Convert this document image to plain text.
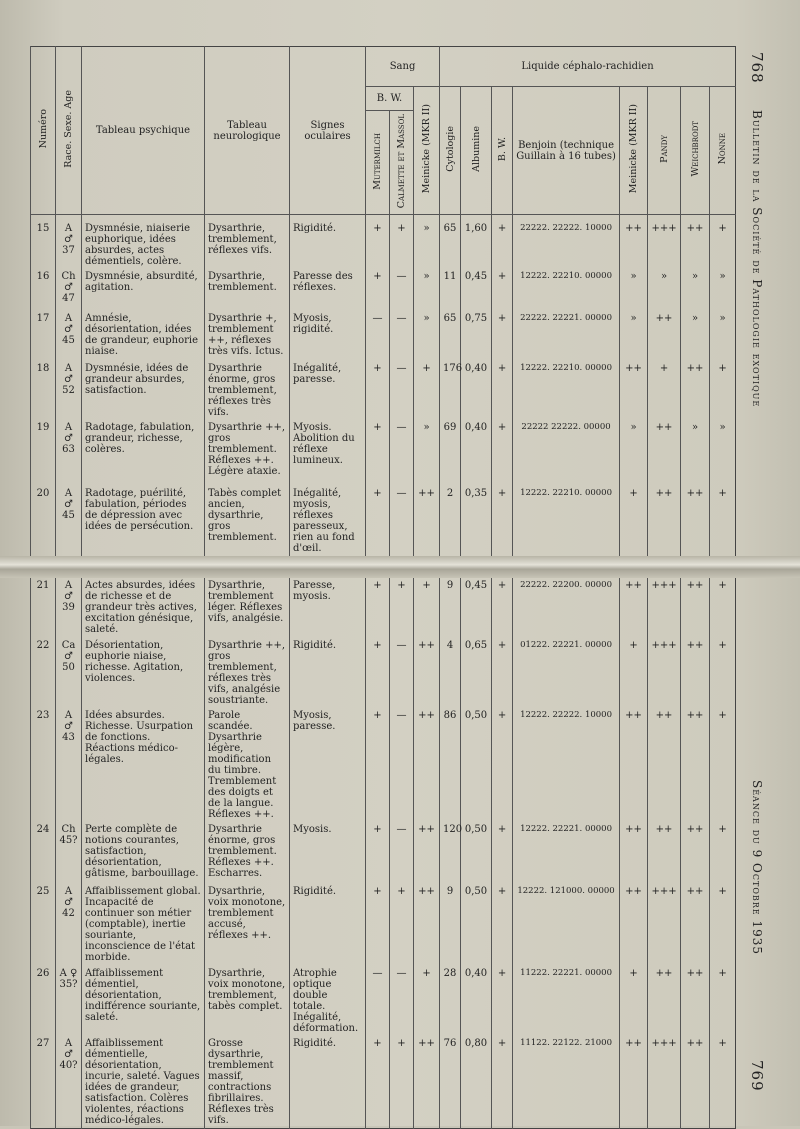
768
Bulletin de la Société de Pathologie exotique
Séance du 9 Octobre 1935
769
Numéro	Race. Sexe. Age	Tableau psychique	Tableau neurologique	Signes oculaires	Sang			Liquide céphalo-rachidien							
					B. W.		Meinicke (MKR II)	Cytologie	Albumine	B. W.	Benjoin (technique Guillain à 16 tubes)	Meinicke (MKR II)	Pandy	Weichbrodt	Nonne
					Mutermilch	Calmette et Massol									
15	A ♂ 37	Dysmnésie, niaiserie euphorique, idées absurdes, actes démentiels, colère.	Dysarthrie, tremblement, réflexes vifs.	Rigidité.	+	+	»	65	1,60	+	22222. 22222. 10000	++	+++	++	+
16	Ch ♂ 47	Dysmnésie, absurdité, agitation.	Dysarthrie, tremblement.	Paresse des réflexes.	+	—	»	11	0,45	+	12222. 22210. 00000	»	»	»	»
17	A ♂ 45	Amnésie, désorientation, idées de grandeur, euphorie niaise.	Dysarthrie +, tremblement ++, réflexes très vifs. Ictus.	Myosis, rigidité.	—	—	»	65	0,75	+	22222. 22221. 00000	»	++	»	»
18	A ♂ 52	Dysmnésie, idées de grandeur absurdes, satisfaction.	Dysarthrie énorme, gros tremblement, réflexes très vifs.	Inégalité, paresse.	+	—	+	176	0,40	+	12222. 22210. 00000	++	+	++	+
19	A ♂ 63	Radotage, fabulation, grandeur, richesse, colères.	Dysarthrie ++, gros tremblement. Réflexes ++. Légère ataxie.	Myosis. Abolition du réflexe lumineux.	+	—	»	69	0,40	+	22222 22222. 00000	»	++	»	»
20	A ♂ 45	Radotage, puérilité, fabulation, périodes de dépression avec idées de persécution.	Tabès complet ancien, dysarthrie, gros tremblement.	Inégalité, myosis, réflexes paresseux, rien au fond d'œil.	+	—	++	2	0,35	+	12222. 22210. 00000	+	++	++	+
21	A ♂ 39	Actes absurdes, idées de richesse et de grandeur très actives, excitation génésique, saleté.	Dysarthrie, tremblement léger. Réflexes vifs, analgésie.	Paresse, myosis.	+	+	+	9	0,45	+	22222. 22200. 00000	++	+++	++	+
22	Ca ♂ 50	Désorientation, euphorie niaise, richesse. Agitation, violences.	Dysarthrie ++, gros tremblement, réflexes très vifs, analgésie soustriante.	Rigidité.	+	—	++	4	0,65	+	01222. 22221. 00000	+	+++	++	+
23	A ♂ 43	Idées absurdes. Richesse. Usurpation de fonctions. Réactions médico-légales.	Parole scandée. Dysarthrie légère, modification du timbre. Tremblement des doigts et de la langue. Réflexes ++.	Myosis, paresse.	+	—	++	86	0,50	+	12222. 22222. 10000	++	++	++	+
24	Ch 45?	Perte complète de notions courantes, satisfaction, désorientation, gâtisme, barbouillage.	Dysarthrie énorme, gros tremblement. Réflexes ++. Escharres.	Myosis.	+	—	++	120	0,50	+	12222. 22221. 00000	++	++	++	+
25	A ♂ 42	Affaiblissement global. Incapacité de continuer son métier (comptable), inertie souriante, inconscience de l'état morbide.	Dysarthrie, voix monotone, tremblement accusé, réflexes ++.	Rigidité.	+	+	++	9	0,50	+	12222. 121000. 00000	++	+++	++	+
26	A ♀ 35?	Affaiblissement démentiel, désorientation, indifférence souriante, saleté.	Dysarthrie, voix monotone, tremblement, tabès complet.	Atrophie optique double totale. Inégalité, déformation.	—	—	+	28	0,40	+	11222. 22221. 00000	+	++	++	+
27	A ♂ 40?	Affaiblissement démentielle, désorientation, incurie, saleté. Vagues idées de grandeur, satisfaction. Colères violentes, réactions médico-légales.	Grosse dysarthrie, tremblement massif, contractions fibrillaires. Réflexes très vifs.	Rigidité.	+	+	++	76	0,80	+	11122. 22122. 21000	++	+++	++	+
